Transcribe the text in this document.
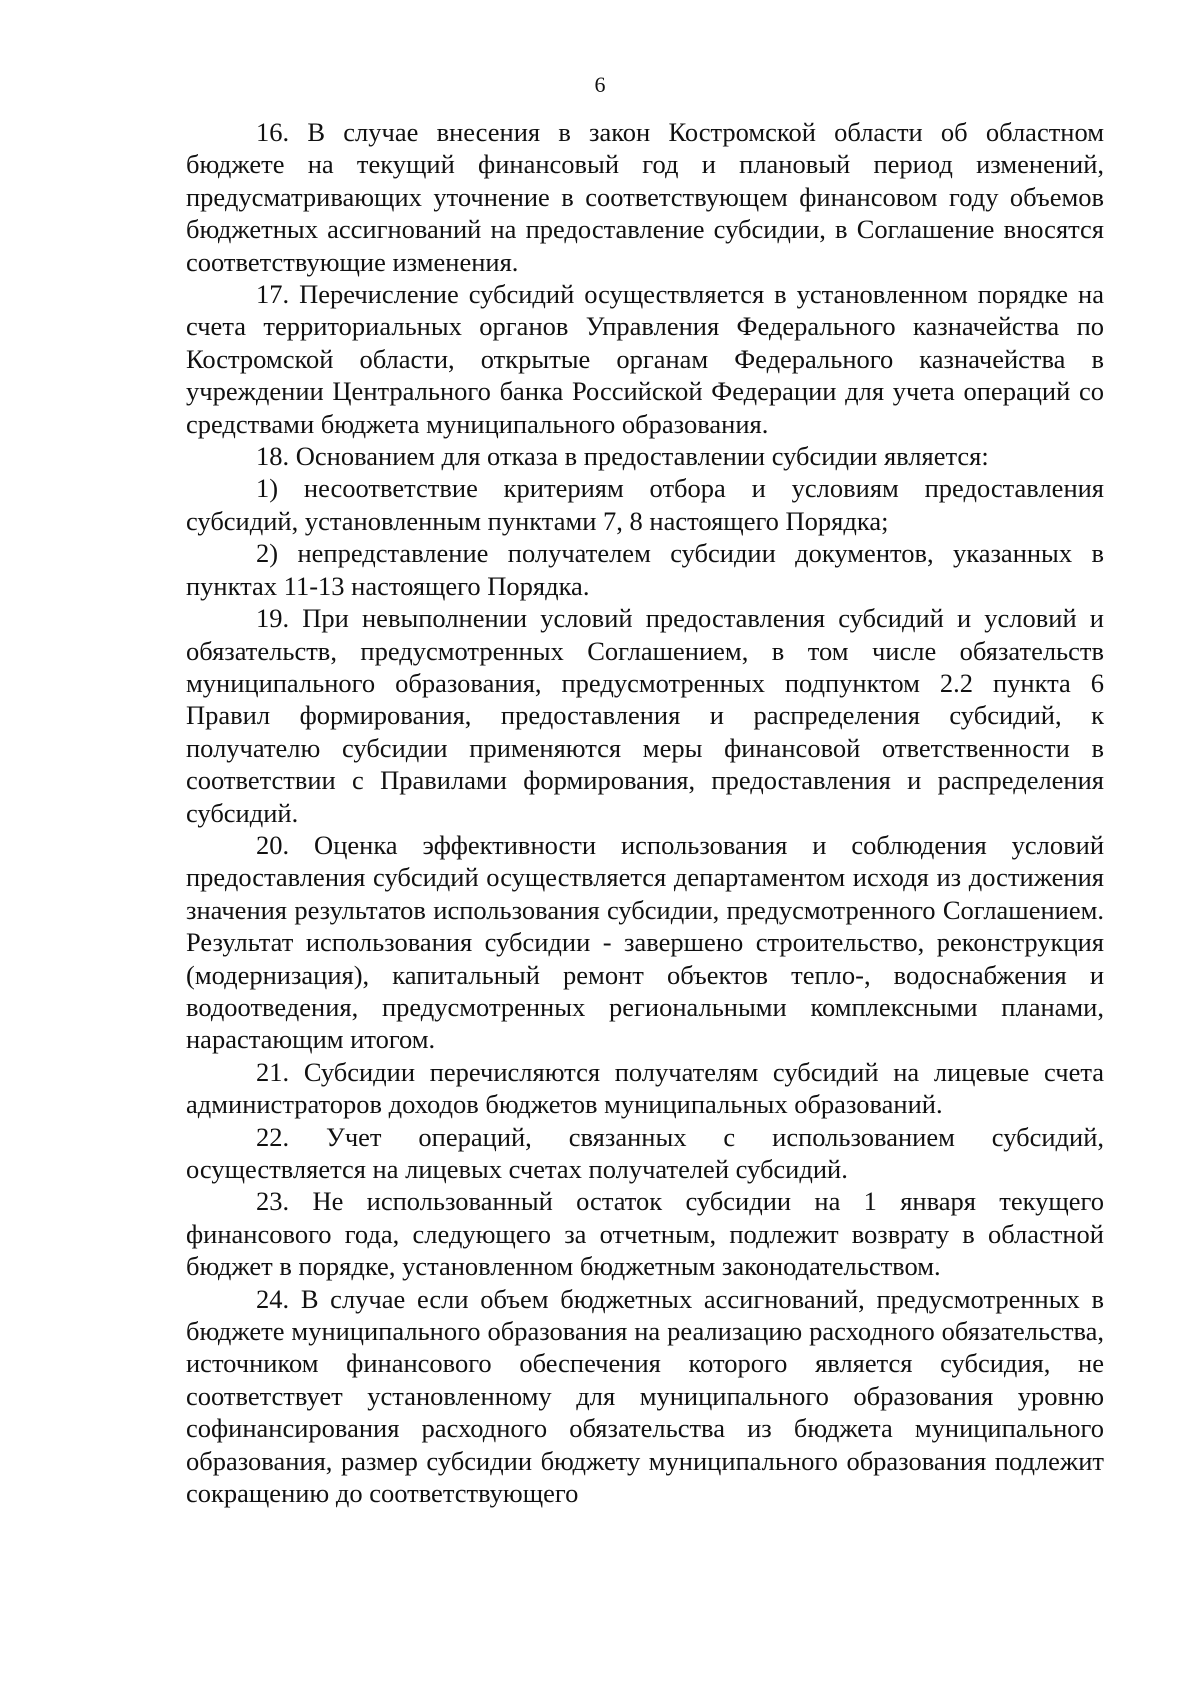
6

16. В случае внесения в закон Костромской области об областном бюджете на текущий финансовый год и плановый период изменений, предусматривающих уточнение в соответствующем финансовом году объемов бюджетных ассигнований на предоставление субсидии, в Соглашение вносятся соответствующие изменения.

17. Перечисление субсидий осуществляется в установленном порядке на счета территориальных органов Управления Федерального казначейства по Костромской области, открытые органам Федерального казначейства в учреждении Центрального банка Российской Федерации для учета операций со средствами бюджета муниципального образования.

18. Основанием для отказа в предоставлении субсидии является:

1) несоответствие критериям отбора и условиям предоставления субсидий, установленным пунктами 7, 8 настоящего Порядка;

2) непредставление получателем субсидии документов, указанных в пунктах 11-13 настоящего Порядка.

19. При невыполнении условий предоставления субсидий и условий и обязательств, предусмотренных Соглашением, в том числе обязательств муниципального образования, предусмотренных подпунктом 2.2 пункта 6 Правил формирования, предоставления и распределения субсидий, к получателю субсидии применяются меры финансовой ответственности в соответствии с Правилами формирования, предоставления и распределения субсидий.

20. Оценка эффективности использования и соблюдения условий предоставления субсидий осуществляется департаментом исходя из достижения значения результатов использования субсидии, предусмотренного Соглашением. Результат использования субсидии - завершено строительство, реконструкция (модернизация), капитальный ремонт объектов тепло-, водоснабжения и водоотведения, предусмотренных региональными комплексными планами, нарастающим итогом.

21. Субсидии перечисляются получателям субсидий на лицевые счета администраторов доходов бюджетов муниципальных образований.

22. Учет операций, связанных с использованием субсидий, осуществляется на лицевых счетах получателей субсидий.

23. Не использованный остаток субсидии на 1 января текущего финансового года, следующего за отчетным, подлежит возврату в областной бюджет в порядке, установленном бюджетным законодательством.

24. В случае если объем бюджетных ассигнований, предусмотренных в бюджете муниципального образования на реализацию расходного обязательства, источником финансового обеспечения которого является субсидия, не соответствует установленному для муниципального образования уровню софинансирования расходного обязательства из бюджета муниципального образования, размер субсидии бюджету муниципального образования подлежит сокращению до соответствующего
